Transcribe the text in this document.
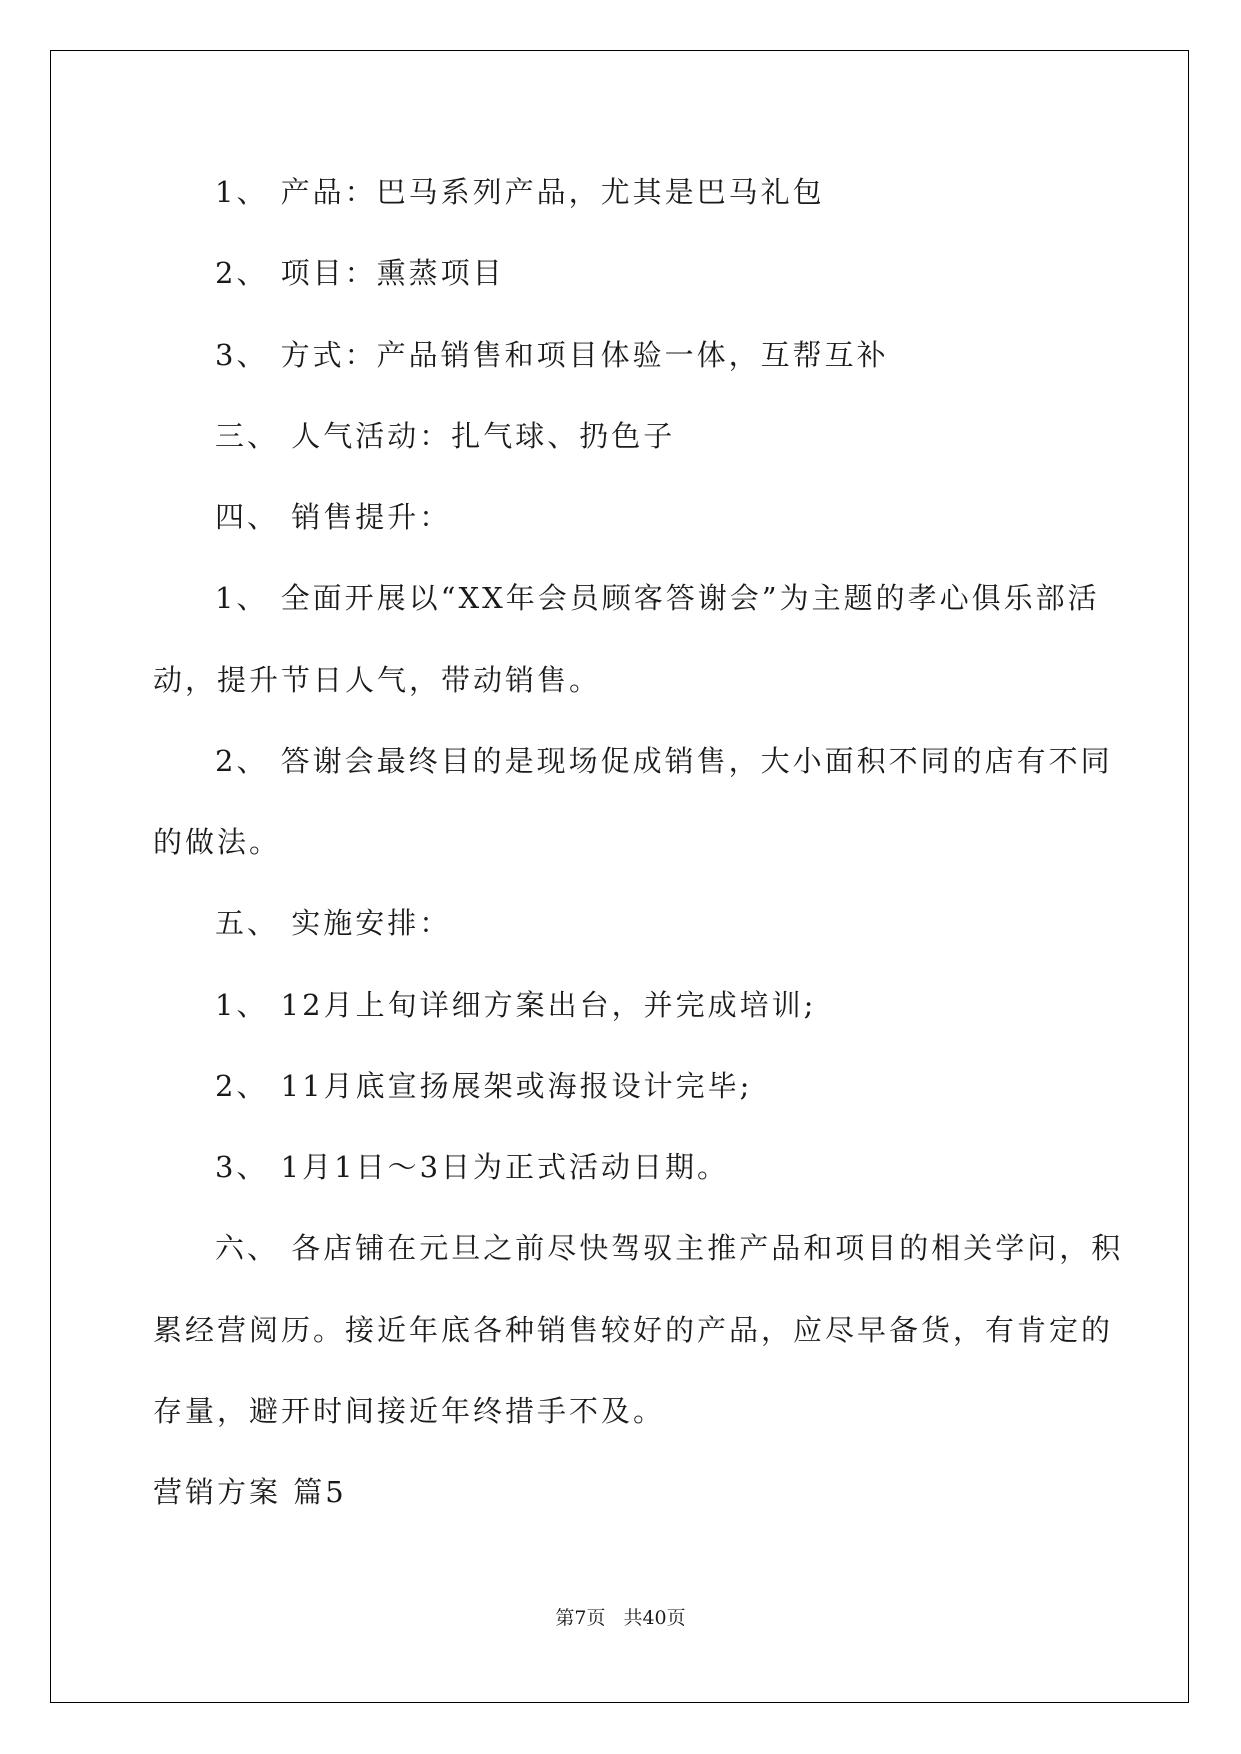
1、 产品：巴马系列产品，尤其是巴马礼包
2、 项目：熏蒸项目
3、 方式：产品销售和项目体验一体，互帮互补
三、 人气活动：扎气球、扔色子
四、 销售提升：
1、 全面开展以“XX年会员顾客答谢会”为主题的孝心俱乐部活
动，提升节日人气，带动销售。
2、 答谢会最终目的是现场促成销售，大小面积不同的店有不同
的做法。
五、 实施安排：
1、 12月上旬详细方案出台，并完成培训;
2、 11月底宣扬展架或海报设计完毕;
3、 1月1日～3日为正式活动日期。
六、 各店铺在元旦之前尽快驾驭主推产品和项目的相关学问，积
累经营阅历。接近年底各种销售较好的产品，应尽早备货，有肯定的
存量，避开时间接近年终措手不及。
营销方案 篇5
第7页 共40页
